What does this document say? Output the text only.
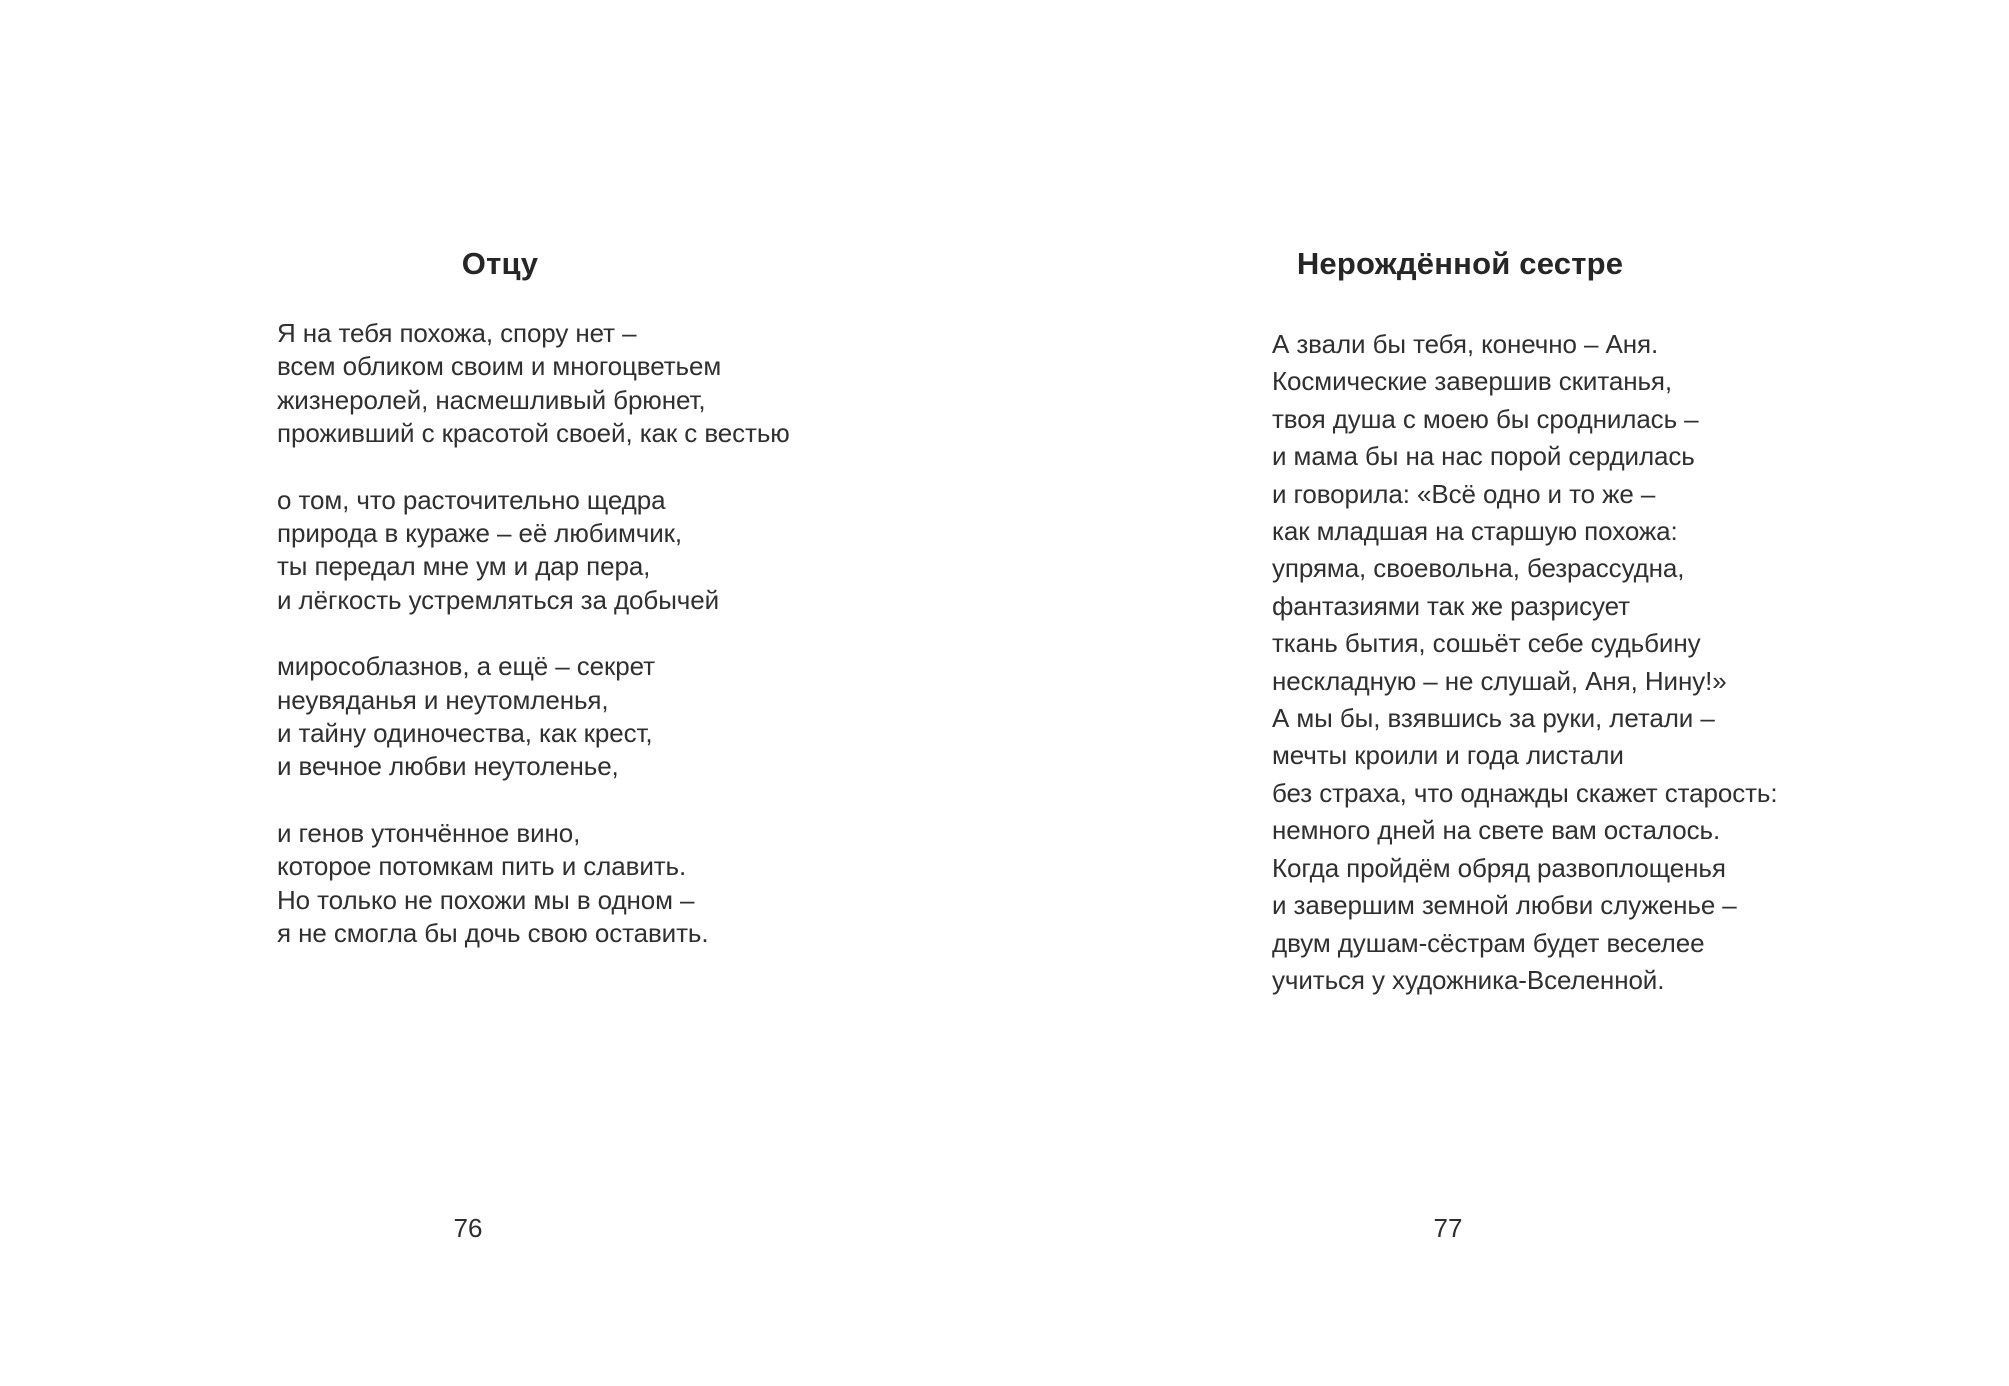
Отцу
Я на тебя похожа, спору нет –
всем обликом своим и многоцветьем
жизнеролей, насмешливый брюнет,
проживший с красотой своей, как с вестью
о том, что расточительно щедра
природа в кураже – её любимчик,
ты передал мне ум и дар пера,
и лёгкость устремляться за добычей
мирособлазнов, а ещё – секрет
неувяданья и неутомленья,
и тайну одиночества, как крест,
и вечное любви неутоленье,
и генов утончённое вино,
которое потомкам пить и славить.
Но только не похожи мы в одном –
я не смогла бы дочь свою оставить.
76
Нерождённой сестре
А звали бы тебя, конечно – Аня.
Космические завершив скитанья,
твоя душа с моею бы сроднилась –
и мама бы на нас порой сердилась
и говорила: «Всё одно и то же –
как младшая на старшую похожа:
упряма, своевольна, безрассудна,
фантазиями так же разрисует
ткань бытия, сошьёт себе судьбину
нескладную – не слушай, Аня, Нину!»
А мы бы, взявшись за руки, летали –
мечты кроили и года листали
без страха, что однажды скажет старость:
немного дней на свете вам осталось.
Когда пройдём обряд развоплощенья
и завершим земной любви служенье –
двум душам-сёстрам будет веселее
учиться у художника-Вселенной.
77
